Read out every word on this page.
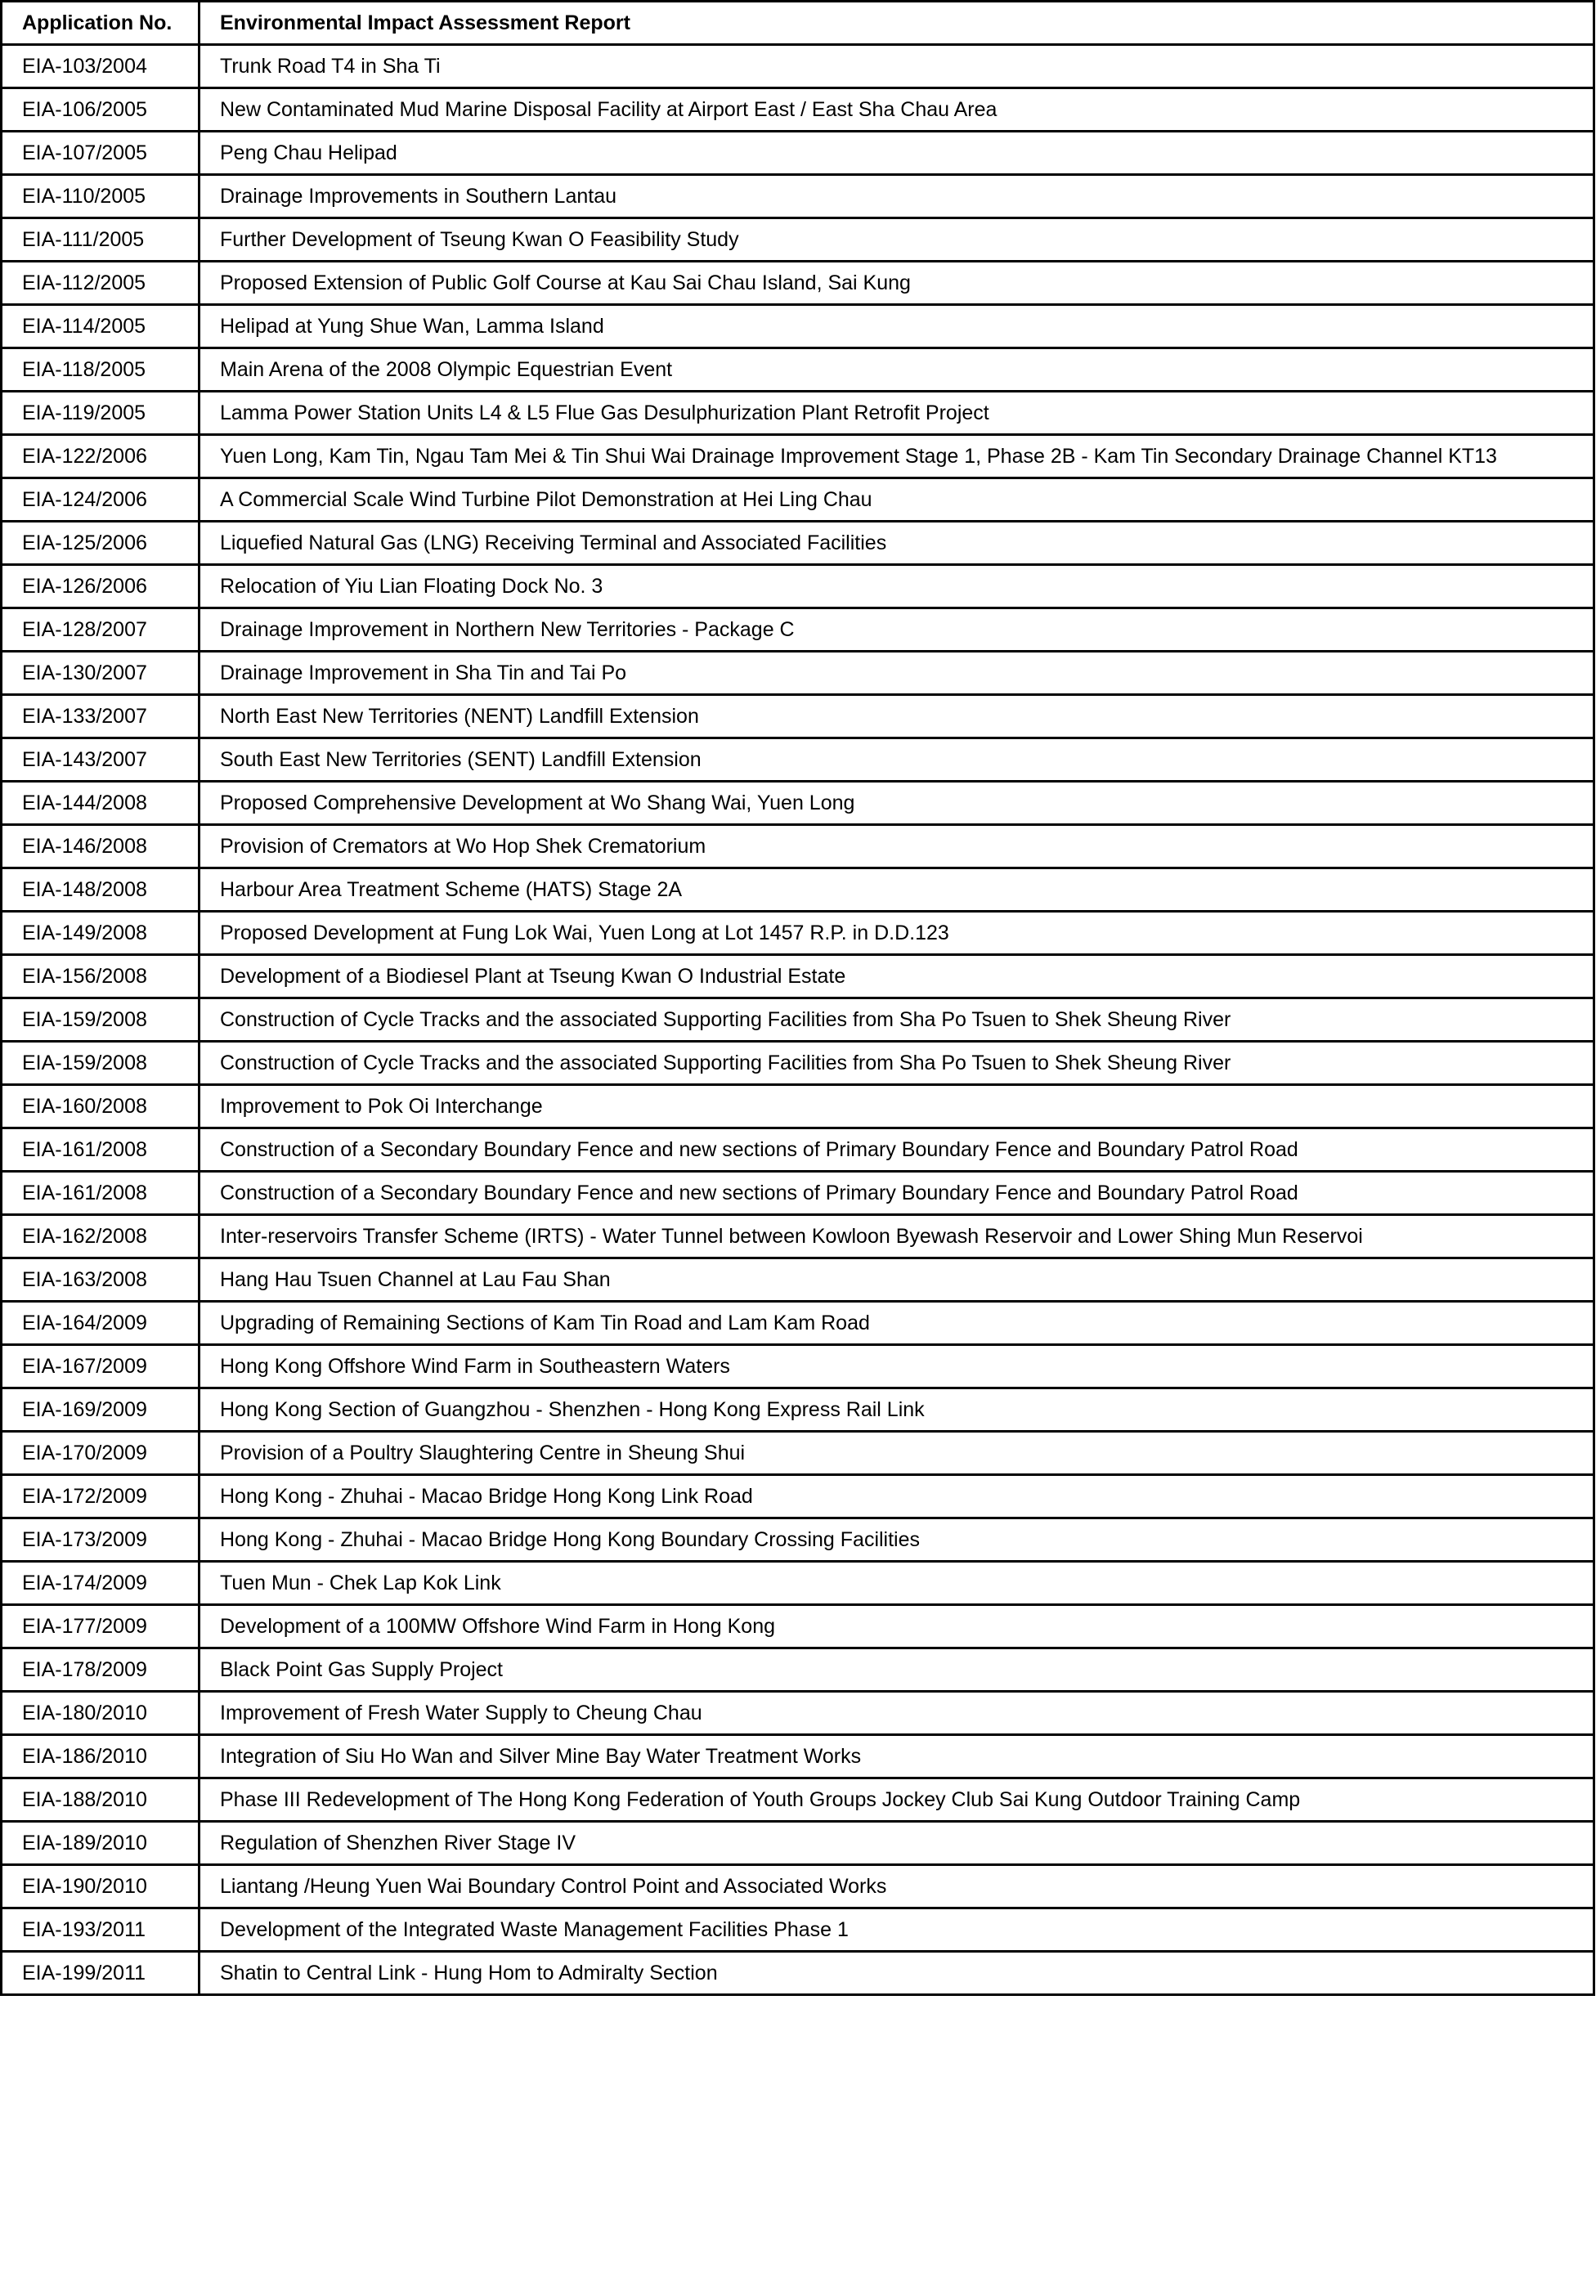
Application No.	Environmental Impact Assessment Report
EIA-103/2004	Trunk Road T4 in Sha Ti
EIA-106/2005	New Contaminated Mud Marine Disposal Facility at Airport East / East Sha Chau Area
EIA-107/2005	Peng Chau Helipad
EIA-110/2005	Drainage Improvements in Southern Lantau
EIA-111/2005	Further Development of Tseung Kwan O Feasibility Study
EIA-112/2005	Proposed Extension of Public Golf Course at Kau Sai Chau Island, Sai Kung
EIA-114/2005	Helipad at Yung Shue Wan, Lamma Island
EIA-118/2005	Main Arena of the 2008 Olympic Equestrian Event
EIA-119/2005	Lamma Power Station Units L4 & L5 Flue Gas Desulphurization Plant Retrofit Project
EIA-122/2006	Yuen Long, Kam Tin, Ngau Tam Mei & Tin Shui Wai Drainage Improvement Stage 1, Phase 2B - Kam Tin Secondary Drainage Channel KT13
EIA-124/2006	A Commercial Scale Wind Turbine Pilot Demonstration at Hei Ling Chau
EIA-125/2006	Liquefied Natural Gas (LNG) Receiving Terminal and Associated Facilities
EIA-126/2006	Relocation of Yiu Lian Floating Dock No. 3
EIA-128/2007	Drainage Improvement in Northern New Territories - Package C
EIA-130/2007	Drainage Improvement in Sha Tin and Tai Po
EIA-133/2007	North East New Territories (NENT) Landfill Extension
EIA-143/2007	South East New Territories (SENT) Landfill Extension
EIA-144/2008	Proposed Comprehensive Development at Wo Shang Wai, Yuen Long
EIA-146/2008	Provision of Cremators at Wo Hop Shek Crematorium
EIA-148/2008	Harbour Area Treatment Scheme (HATS) Stage 2A
EIA-149/2008	Proposed Development at Fung Lok Wai, Yuen Long at Lot 1457 R.P. in D.D.123
EIA-156/2008	Development of a Biodiesel Plant at Tseung Kwan O Industrial Estate
EIA-159/2008	Construction of Cycle Tracks and the associated Supporting Facilities from Sha Po Tsuen to Shek Sheung River
EIA-159/2008	Construction of Cycle Tracks and the associated Supporting Facilities from Sha Po Tsuen to Shek Sheung River
EIA-160/2008	Improvement to Pok Oi Interchange
EIA-161/2008	Construction of a Secondary Boundary Fence and new sections of Primary Boundary Fence and Boundary Patrol Road
EIA-161/2008	Construction of a Secondary Boundary Fence and new sections of Primary Boundary Fence and Boundary Patrol Road
EIA-162/2008	Inter-reservoirs Transfer Scheme (IRTS) - Water Tunnel between Kowloon Byewash Reservoir and Lower Shing Mun Reservoi
EIA-163/2008	Hang Hau Tsuen Channel at Lau Fau Shan
EIA-164/2009	Upgrading of Remaining Sections of Kam Tin Road and Lam Kam Road
EIA-167/2009	Hong Kong Offshore Wind Farm in Southeastern Waters
EIA-169/2009	Hong Kong Section of Guangzhou - Shenzhen - Hong Kong Express Rail Link
EIA-170/2009	Provision of a Poultry Slaughtering Centre in Sheung Shui
EIA-172/2009	Hong Kong - Zhuhai - Macao Bridge Hong Kong Link Road
EIA-173/2009	Hong Kong - Zhuhai - Macao Bridge Hong Kong Boundary Crossing Facilities
EIA-174/2009	Tuen Mun - Chek Lap Kok Link
EIA-177/2009	Development of a 100MW Offshore Wind Farm in Hong Kong
EIA-178/2009	Black Point Gas Supply Project
EIA-180/2010	Improvement of Fresh Water Supply to Cheung Chau
EIA-186/2010	Integration of Siu Ho Wan and Silver Mine Bay Water Treatment Works
EIA-188/2010	Phase III Redevelopment of The Hong Kong Federation of Youth Groups Jockey Club Sai Kung Outdoor Training Camp
EIA-189/2010	Regulation of Shenzhen River Stage IV
EIA-190/2010	Liantang /Heung Yuen Wai Boundary Control Point and Associated Works
EIA-193/2011	Development of the Integrated Waste Management Facilities Phase 1
EIA-199/2011	Shatin to Central Link - Hung Hom to Admiralty Section
